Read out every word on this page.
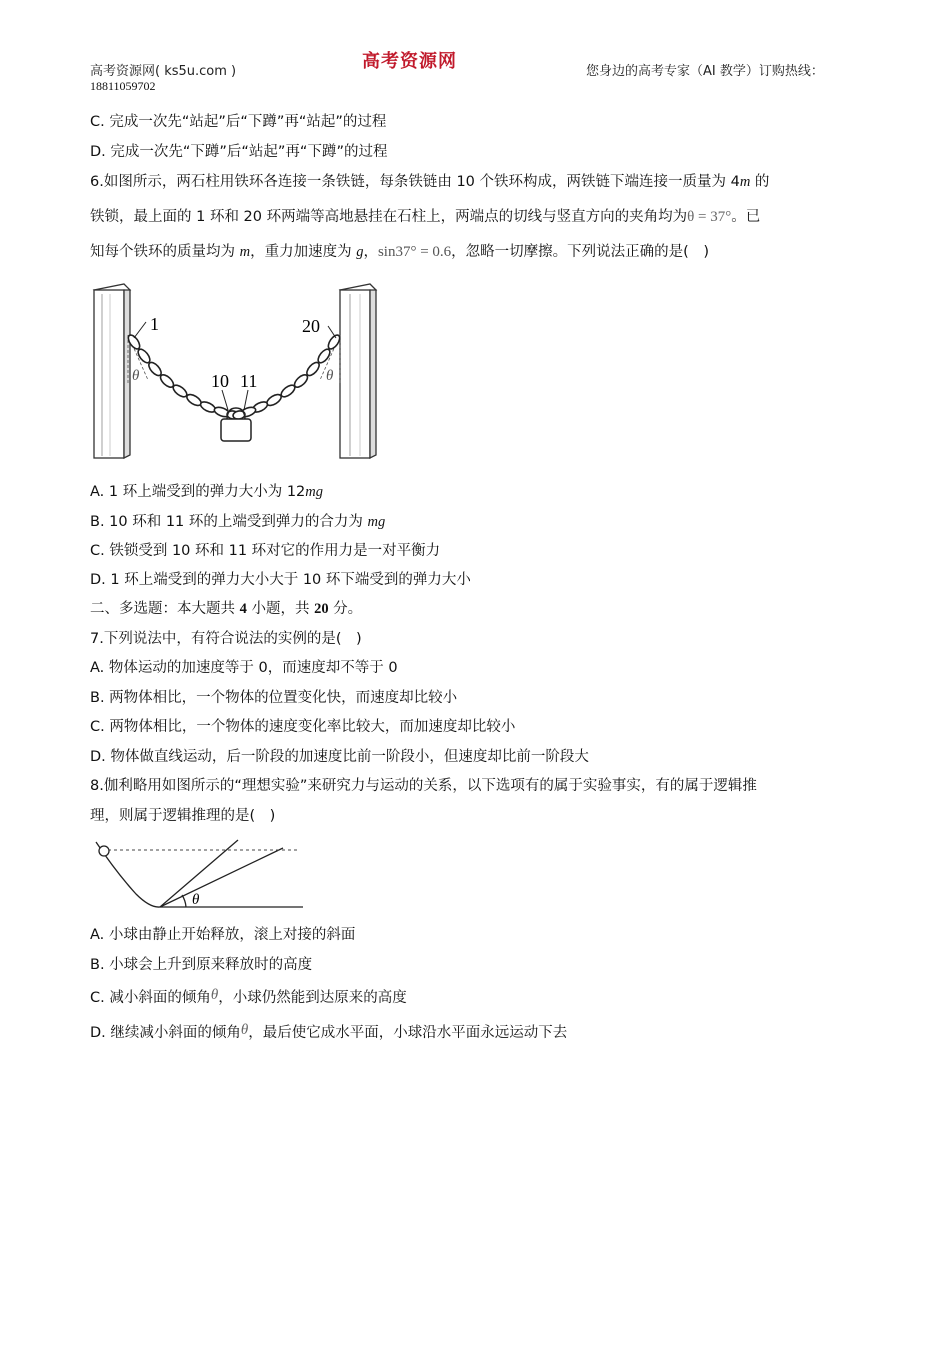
高考资源网( ks5u.com )	高考资源网	您身边的高考专家（AI 教学）订购热线：
18811059702
C. 完成一次先“站起”后“下蹲”再“站起”的过程
D. 完成一次先“下蹲”后“站起”再“下蹲”的过程
6.如图所示，两石柱用铁环各连接一条铁链，每条铁链由 10 个铁环构成，两铁链下端连接一质量为 4m 的
铁锁，最上面的 1 环和 20 环两端等高地悬挂在石柱上，两端点的切线与竖直方向的夹角均为θ = 37°。已
知每个铁环的质量均为 m，重力加速度为 g，sin37° = 0.6，忽略一切摩擦。下列说法正确的是(　)
1	20
10 11
θ	θ
A. 1 环上端受到的弹力大小为 12mg
B. 10 环和 11 环的上端受到弹力的合力为 mg
C. 铁锁受到 10 环和 11 环对它的作用力是一对平衡力
D. 1 环上端受到的弹力大小大于 10 环下端受到的弹力大小
二、多选题：本大题共 4 小题，共 20 分。
7.下列说法中，有符合说法的实例的是(　)
A. 物体运动的加速度等于 0，而速度却不等于 0
B. 两物体相比，一个物体的位置变化快，而速度却比较小
C. 两物体相比，一个物体的速度变化率比较大，而加速度却比较小
D. 物体做直线运动，后一阶段的加速度比前一阶段小，但速度却比前一阶段大
8.伽利略用如图所示的“理想实验”来研究力与运动的关系，以下选项有的属于实验事实，有的属于逻辑推
理，则属于逻辑推理的是(　)
θ
A. 小球由静止开始释放，滚上对接的斜面
B. 小球会上升到原来释放时的高度
C. 减小斜面的倾角θ，小球仍然能到达原来的高度
D. 继续减小斜面的倾角θ，最后使它成水平面，小球沿水平面永远运动下去
